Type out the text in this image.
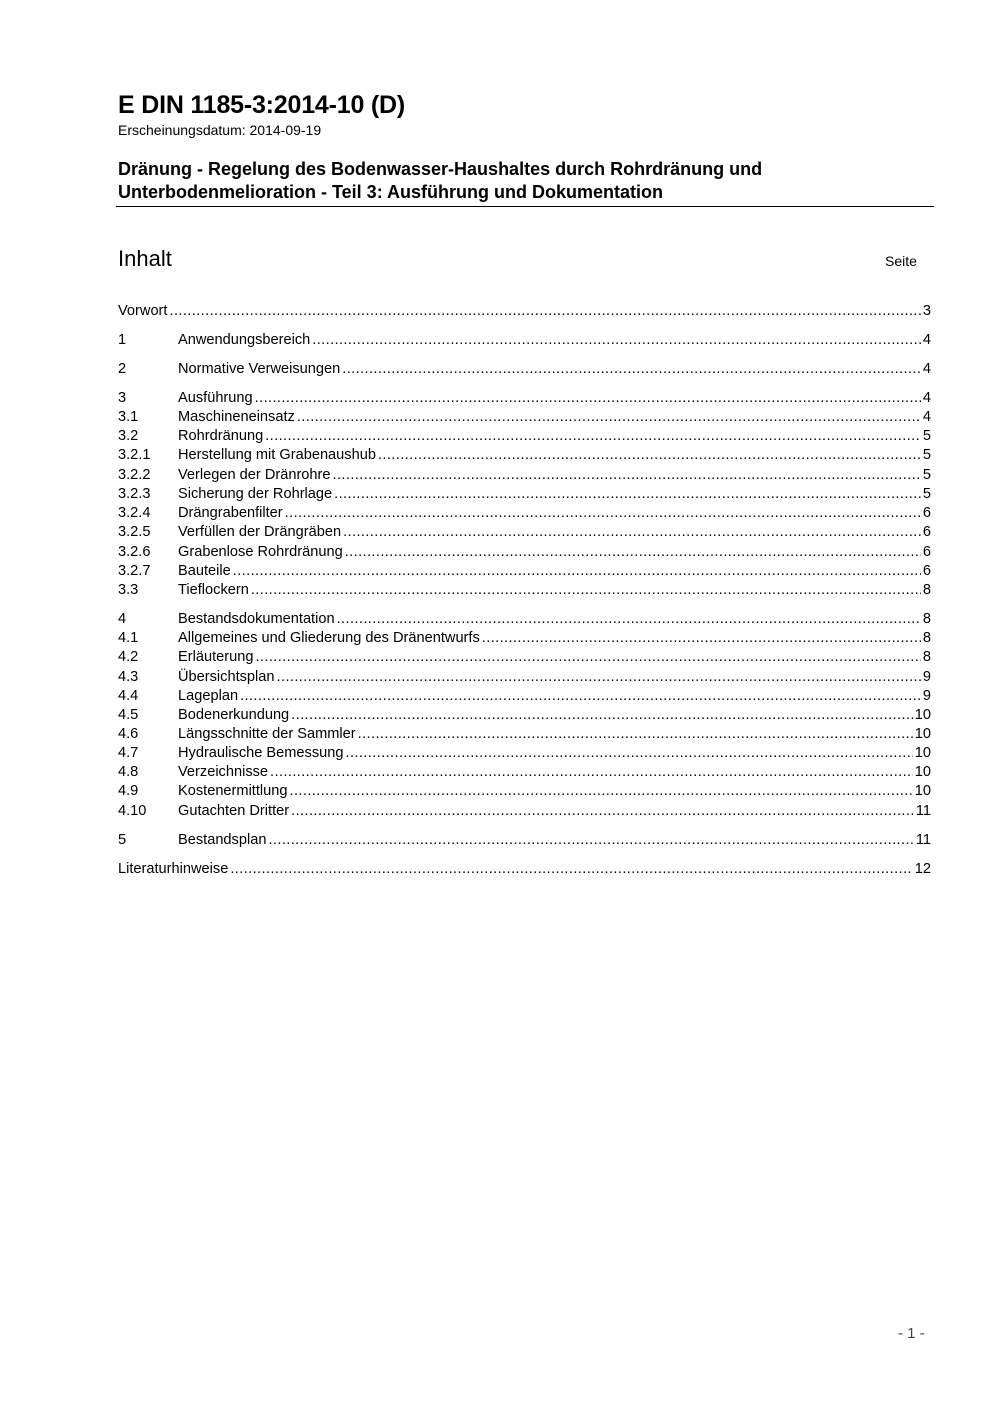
E DIN 1185-3:2014-10 (D)
Erscheinungsdatum: 2014-09-19
Dränung - Regelung des Bodenwasser-Haushaltes durch Rohrdränung und Unterbodenmelioration - Teil 3: Ausführung und Dokumentation
Inhalt	Seite
Vorwort .....	3
1	Anwendungsbereich .....	4
2	Normative Verweisungen .....	4
3	Ausführung .....	4
3.1	Maschineneinsatz .....	4
3.2	Rohrdränung .....	5
3.2.1	Herstellung mit Grabenaushub .....	5
3.2.2	Verlegen der Dränrohre .....	5
3.2.3	Sicherung der Rohrlage .....	5
3.2.4	Drängrabenfilter .....	6
3.2.5	Verfüllen der Drängräben .....	6
3.2.6	Grabenlose Rohrdränung .....	6
3.2.7	Bauteile .....	6
3.3	Tieflockern .....	8
4	Bestandsdokumentation .....	8
4.1	Allgemeines und Gliederung des Dränentwurfs .....	8
4.2	Erläuterung .....	8
4.3	Übersichtsplan .....	9
4.4	Lageplan .....	9
4.5	Bodenerkundung .....	10
4.6	Längsschnitte der Sammler .....	10
4.7	Hydraulische Bemessung .....	10
4.8	Verzeichnisse .....	10
4.9	Kostenermittlung .....	10
4.10	Gutachten Dritter .....	11
5	Bestandsplan .....	11
Literaturhinweise .....	12
- 1 -
